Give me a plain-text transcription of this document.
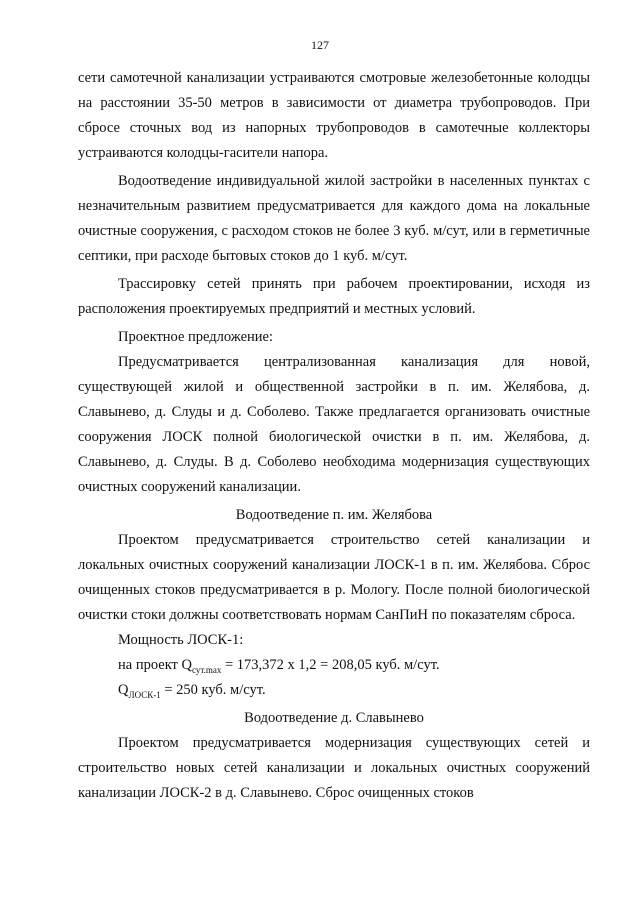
127

сети самотечной канализации устраиваются смотровые железобетонные колодцы на расстоянии 35-50 метров в зависимости от диаметра трубопроводов. При сбросе сточных вод из напорных трубопроводов в самотечные коллекторы устраиваются колодцы-гасители напора.

Водоотведение индивидуальной жилой застройки в населенных пунктах с незначительным развитием предусматривается для каждого дома на локальные очистные сооружения, с расходом стоков не более 3 куб. м/сут, или в герметичные септики, при расходе бытовых стоков до 1 куб. м/сут.

Трассировку сетей принять при рабочем проектировании, исходя из расположения проектируемых предприятий и местных условий.

Проектное предложение:

Предусматривается централизованная канализация для новой, существующей жилой и общественной застройки в п. им. Желябова, д. Славынево, д. Слуды и д. Соболево. Также предлагается организовать очистные сооружения ЛОСК полной биологической очистки в п. им. Желябова, д. Славынево, д. Слуды. В д. Соболево необходима модернизация существующих очистных сооружений канализации.

Водоотведение п. им. Желябова

Проектом предусматривается строительство сетей канализации и локальных очистных сооружений канализации ЛОСК-1 в п. им. Желябова. Сброс очищенных стоков предусматривается в р. Мологу. После полной биологической очистки стоки должны соответствовать нормам СанПиН по показателям сброса.

Мощность ЛОСК-1:

на проект $Q_{сут.max} = 173,372$ х 1,2 = 208,05 куб. м/сут.

$Q_{ЛОСК-1} = 250$ куб. м/сут.

Водоотведение д. Славынево

Проектом предусматривается модернизация существующих сетей и строительство новых сетей канализации и локальных очистных сооружений канализации ЛОСК-2 в д. Славынево. Сброс очищенных стоков
